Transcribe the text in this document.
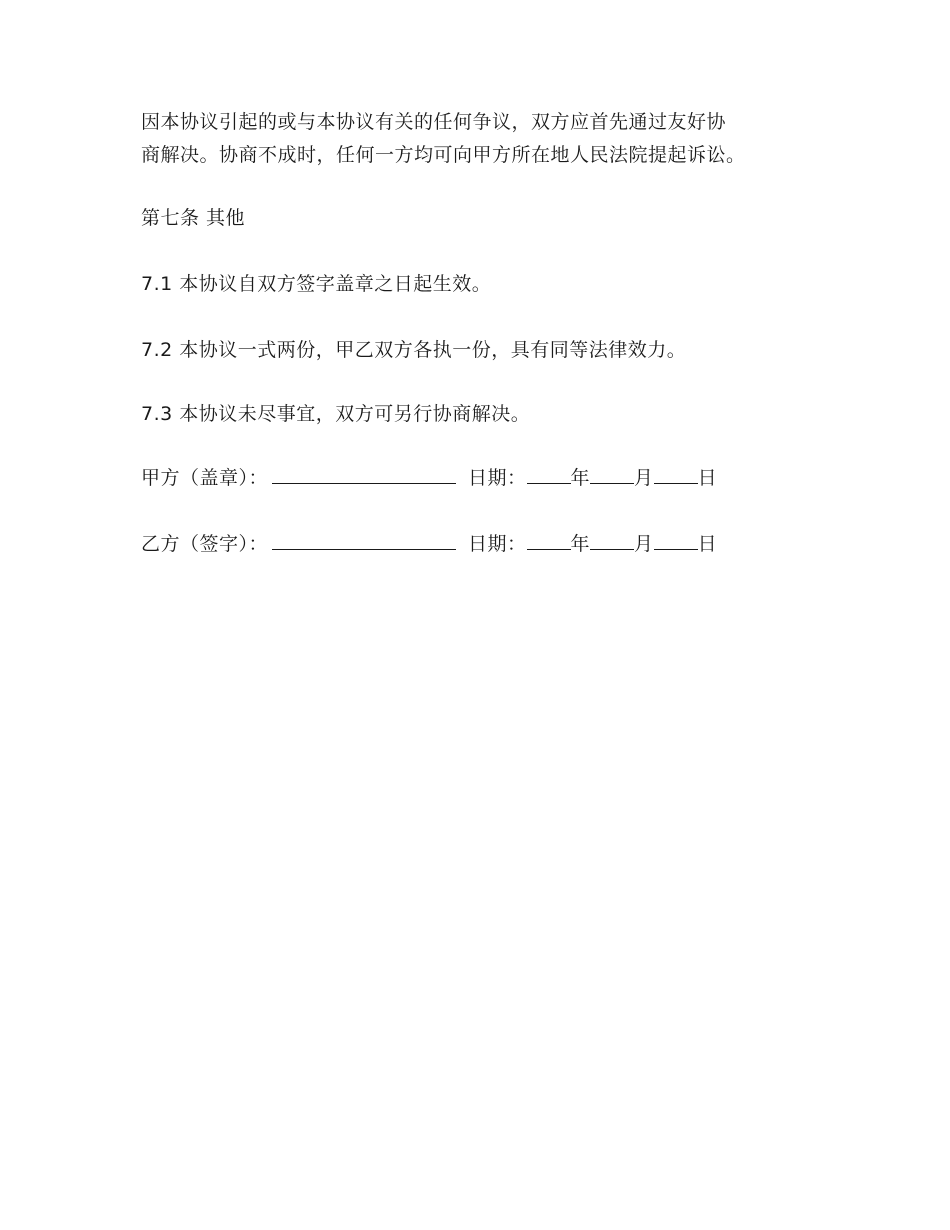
因本协议引起的或与本协议有关的任何争议，双方应首先通过友好协
商解决。协商不成时，任何一方均可向甲方所在地人民法院提起诉讼。
第七条 其他
7.1 本协议自双方签字盖章之日起生效。
7.2 本协议一式两份，甲乙双方各执一份，具有同等法律效力。
7.3 本协议未尽事宜，双方可另行协商解决。
甲方（盖章）：	日期： 年 月 日
乙方（签字）：	日期： 年 月 日
